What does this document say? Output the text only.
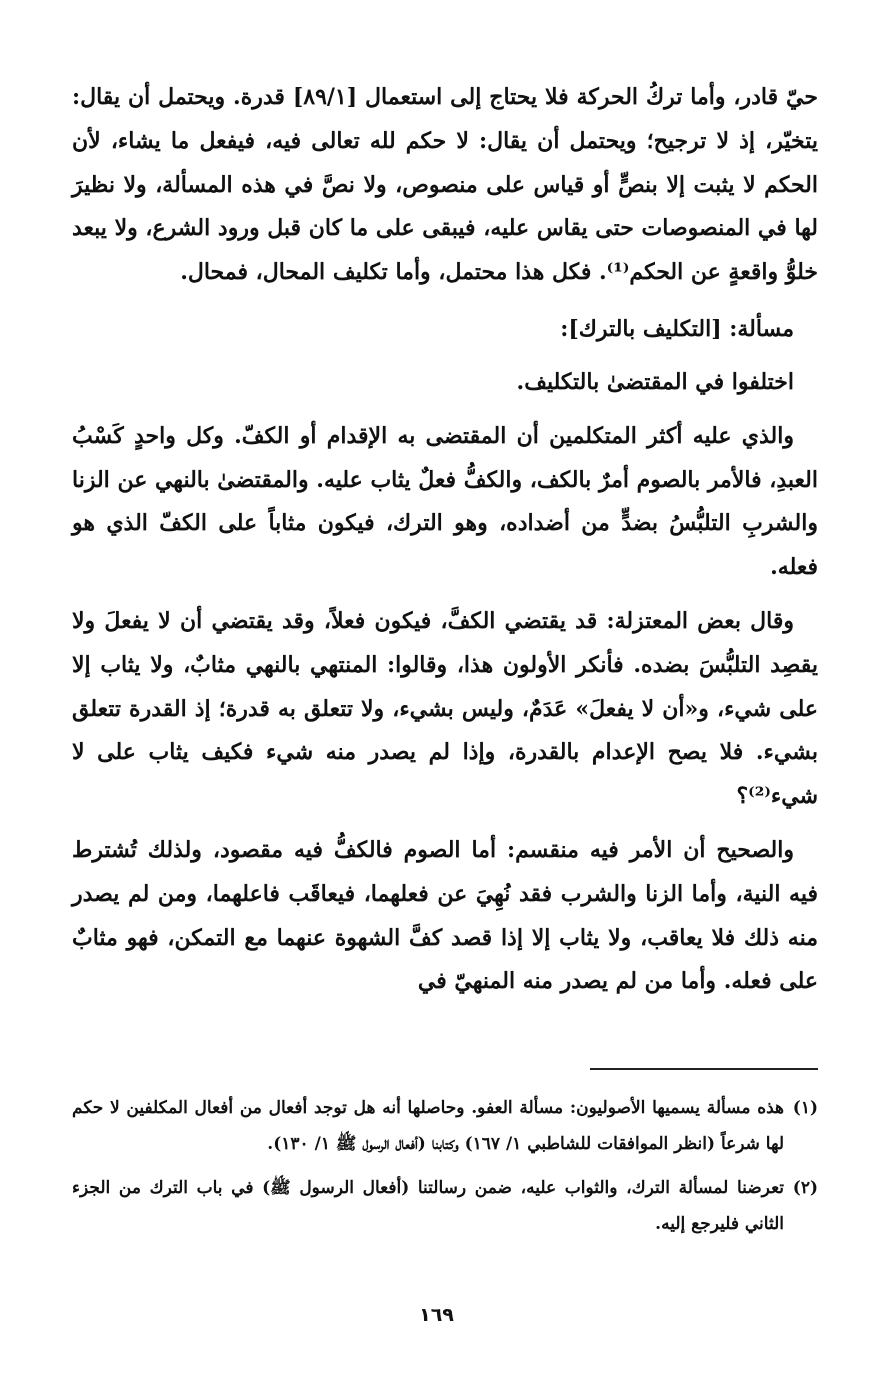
حيّ قادر، وأما تركُ الحركة فلا يحتاج إلى استعمال [٨٩/١] قدرة. ويحتمل أن يقال: يتخيّر، إذ لا ترجيح؛ ويحتمل أن يقال: لا حكم لله تعالى فيه، فيفعل ما يشاء، لأن الحكم لا يثبت إلا بنصٍّ أو قياس على منصوص، ولا نصَّ في هذه المسألة، ولا نظيرَ لها في المنصوصات حتى يقاس عليه، فيبقى على ما كان قبل ورود الشرع، ولا يبعد خلوُّ واقعةٍ عن الحكم⁽¹⁾. فكل هذا محتمل، وأما تكليف المحال، فمحال.

مسألة: [التكليف بالترك]:

اختلفوا في المقتضىٰ بالتكليف.

والذي عليه أكثر المتكلمين أن المقتضى به الإقدام أو الكفّ. وكل واحدٍ كَسْبُ العبدِ، فالأمر بالصوم أمرٌ بالكف، والكفُّ فعلٌ يثاب عليه. والمقتضىٰ بالنهي عن الزنا والشربِ التلبُّسُ بضدٍّ من أضداده، وهو الترك، فيكون مثاباً على الكفّ الذي هو فعله.

وقال بعض المعتزلة: قد يقتضي الكفَّ، فيكون فعلاً، وقد يقتضي أن لا يفعلَ ولا يقصِد التلبُّسَ بضده. فأنكر الأولون هذا، وقالوا: المنتهي بالنهي مثابٌ، ولا يثاب إلا على شيء، و«أن لا يفعلَ» عَدَمٌ، وليس بشيء، ولا تتعلق به قدرة؛ إذ القدرة تتعلق بشيء. فلا يصح الإعدام بالقدرة، وإذا لم يصدر منه شيء فكيف يثاب على لا شيء⁽²⁾؟

والصحيح أن الأمر فيه منقسم: أما الصوم فالكفُّ فيه مقصود، ولذلك تُشترط فيه النية، وأما الزنا والشرب فقد نُهِيَ عن فعلهما، فيعاقَب فاعلهما، ومن لم يصدر منه ذلك فلا يعاقب، ولا يثاب إلا إذا قصد كفَّ الشهوة عنهما مع التمكن، فهو مثابٌ على فعله. وأما من لم يصدر منه المنهيّ في

(١)
هذه مسألة يسميها الأصوليون: مسألة العفو. وحاصلها أنه هل توجد أفعال من أفعال المكلفين لا حكم لها شرعاً (انظر الموافقات للشاطبي ١/ ١٦٧) وكتابنا (أفعال الرسول ﷺ ١/ ١٣٠).
(٢)
تعرضنا لمسألة الترك، والثواب عليه، ضمن رسالتنا (أفعال الرسول ﷺ) في باب الترك من الجزء الثاني فليرجع إليه.
١٦٩
